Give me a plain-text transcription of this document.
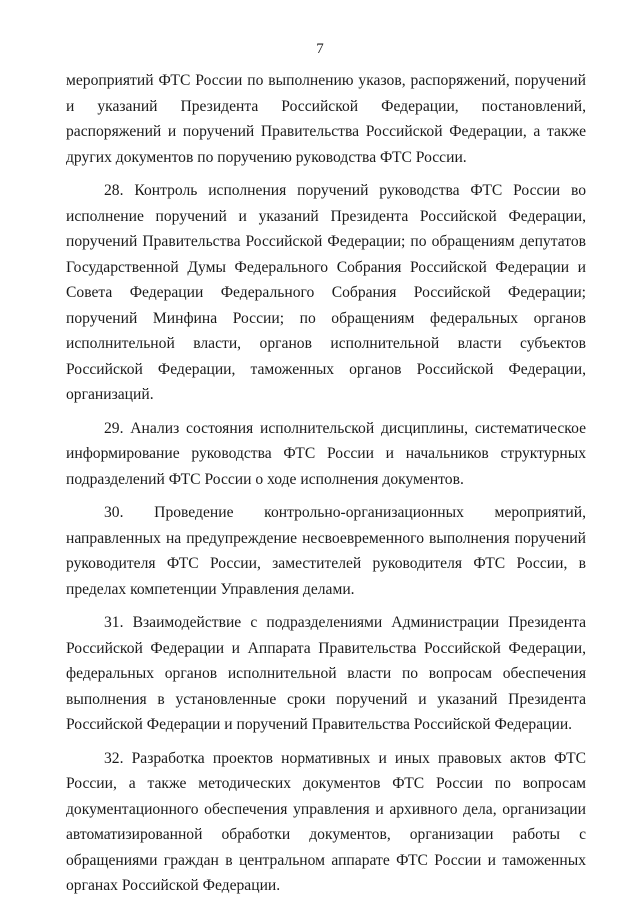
7

мероприятий ФТС России по выполнению указов, распоряжений, поручений и указаний Президента Российской Федерации, постановлений, распоряжений и поручений Правительства Российской Федерации, а также других документов по поручению руководства ФТС России.

28. Контроль исполнения поручений руководства ФТС России во исполнение поручений и указаний Президента Российской Федерации, поручений Правительства Российской Федерации; по обращениям депутатов Государственной Думы Федерального Собрания Российской Федерации и Совета Федерации Федерального Собрания Российской Федерации; поручений Минфина России; по обращениям федеральных органов исполнительной власти, органов исполнительной власти субъектов Российской Федерации, таможенных органов Российской Федерации, организаций.

29. Анализ состояния исполнительской дисциплины, систематическое информирование руководства ФТС России и начальников структурных подразделений ФТС России о ходе исполнения документов.

30. Проведение контрольно-организационных мероприятий, направленных на предупреждение несвоевременного выполнения поручений руководителя ФТС России, заместителей руководителя ФТС России, в пределах компетенции Управления делами.

31. Взаимодействие с подразделениями Администрации Президента Российской Федерации и Аппарата Правительства Российской Федерации, федеральных органов исполнительной власти по вопросам обеспечения выполнения в установленные сроки поручений и указаний Президента Российской Федерации и поручений Правительства Российской Федерации.

32. Разработка проектов нормативных и иных правовых актов ФТС России, а также методических документов ФТС России по вопросам документационного обеспечения управления и архивного дела, организации автоматизированной обработки документов, организации работы с обращениями граждан в центральном аппарате ФТС России и таможенных органах Российской Федерации.
